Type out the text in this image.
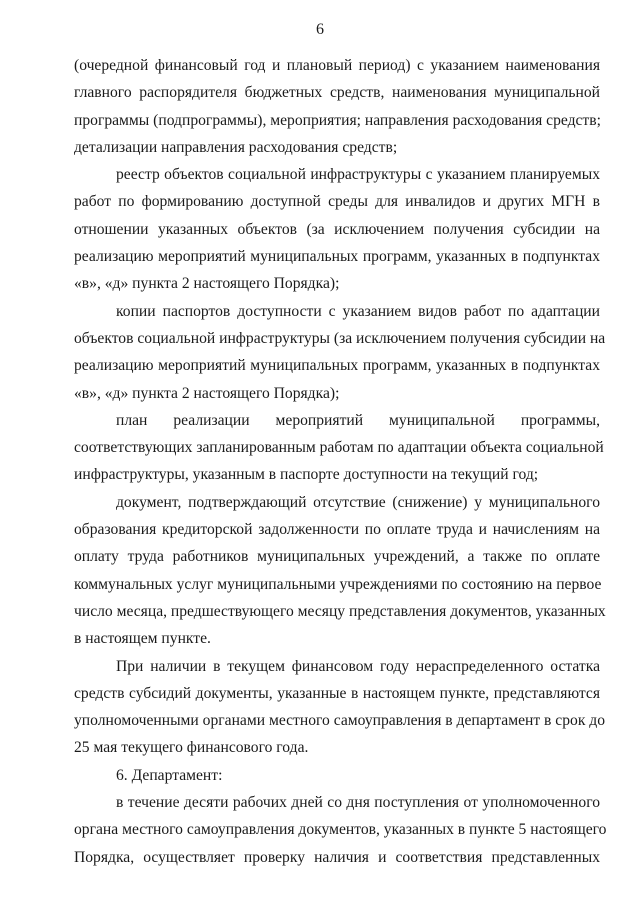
6
(очередной финансовый год и плановый период) с указанием наименования
главного распорядителя бюджетных средств, наименования муниципальной
программы (подпрограммы), мероприятия; направления расходования средств;
детализации направления расходования средств;
реестр объектов социальной инфраструктуры с указанием планируемых
работ по формированию доступной среды для инвалидов и других МГН в
отношении указанных объектов (за исключением получения субсидии на
реализацию мероприятий муниципальных программ, указанных в подпунктах
«в», «д» пункта 2 настоящего Порядка);
копии паспортов доступности с указанием видов работ по адаптации
объектов социальной инфраструктуры (за исключением получения субсидии на
реализацию мероприятий муниципальных программ, указанных в подпунктах
«в», «д» пункта 2 настоящего Порядка);
план реализации мероприятий муниципальной программы,
соответствующих запланированным работам по адаптации объекта социальной
инфраструктуры, указанным в паспорте доступности на текущий год;
документ, подтверждающий отсутствие (снижение) у муниципального
образования кредиторской задолженности по оплате труда и начислениям на
оплату труда работников муниципальных учреждений, а также по оплате
коммунальных услуг муниципальными учреждениями по состоянию на первое
число месяца, предшествующего месяцу представления документов, указанных
в настоящем пункте.
При наличии в текущем финансовом году нераспределенного остатка
средств субсидий документы, указанные в настоящем пункте, представляются
уполномоченными органами местного самоуправления в департамент в срок до
25 мая текущего финансового года.
6. Департамент:
в течение десяти рабочих дней со дня поступления от уполномоченного
органа местного самоуправления документов, указанных в пункте 5 настоящего
Порядка, осуществляет проверку наличия и соответствия представленных
